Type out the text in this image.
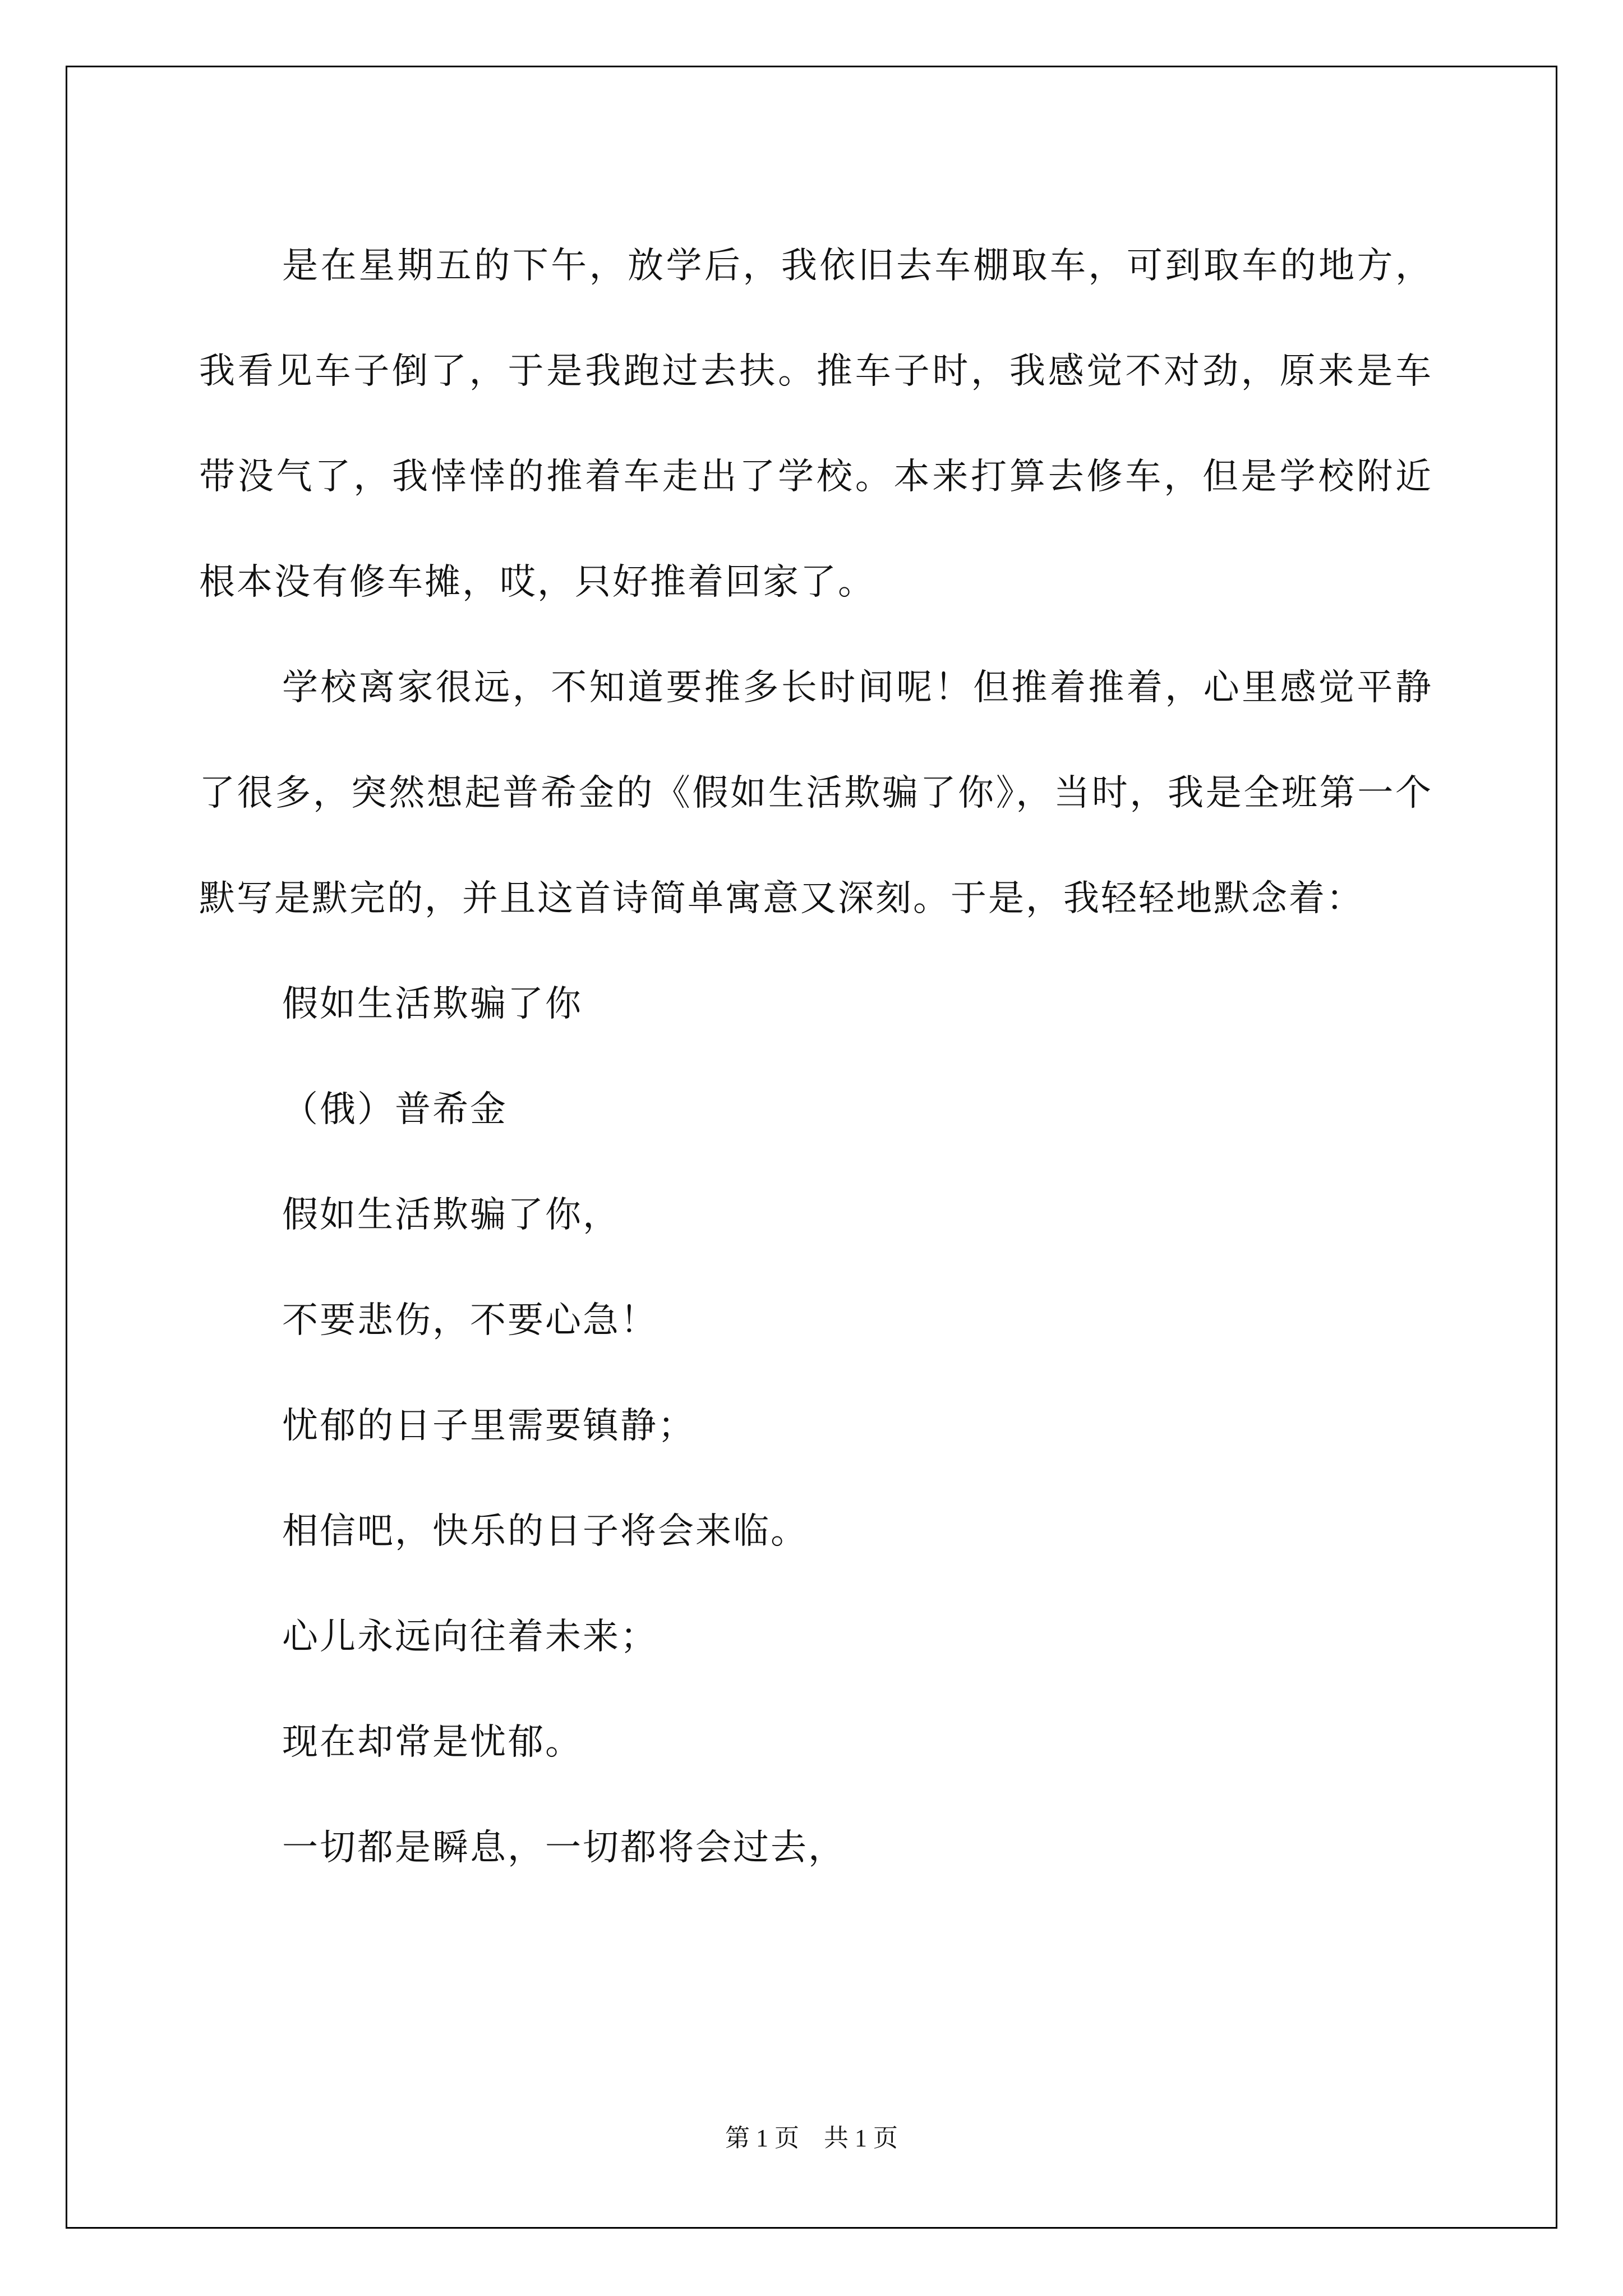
是在星期五的下午，放学后，我依旧去车棚取车，可到取车的地方，我看见车子倒了，于是我跑过去扶。推车子时，我感觉不对劲，原来是车带没气了，我悻悻的推着车走出了学校。本来打算去修车，但是学校附近根本没有修车摊，哎，只好推着回家了。

学校离家很远，不知道要推多长时间呢！但推着推着，心里感觉平静了很多，突然想起普希金的《假如生活欺骗了你》，当时，我是全班第一个默写是默完的，并且这首诗简单寓意又深刻。于是，我轻轻地默念着：

假如生活欺骗了你

（俄）普希金

假如生活欺骗了你，

不要悲伤，不要心急！

忧郁的日子里需要镇静；

相信吧，快乐的日子将会来临。

心儿永远向往着未来；

现在却常是忧郁。

一切都是瞬息，一切都将会过去，

第 1 页 共 1 页
